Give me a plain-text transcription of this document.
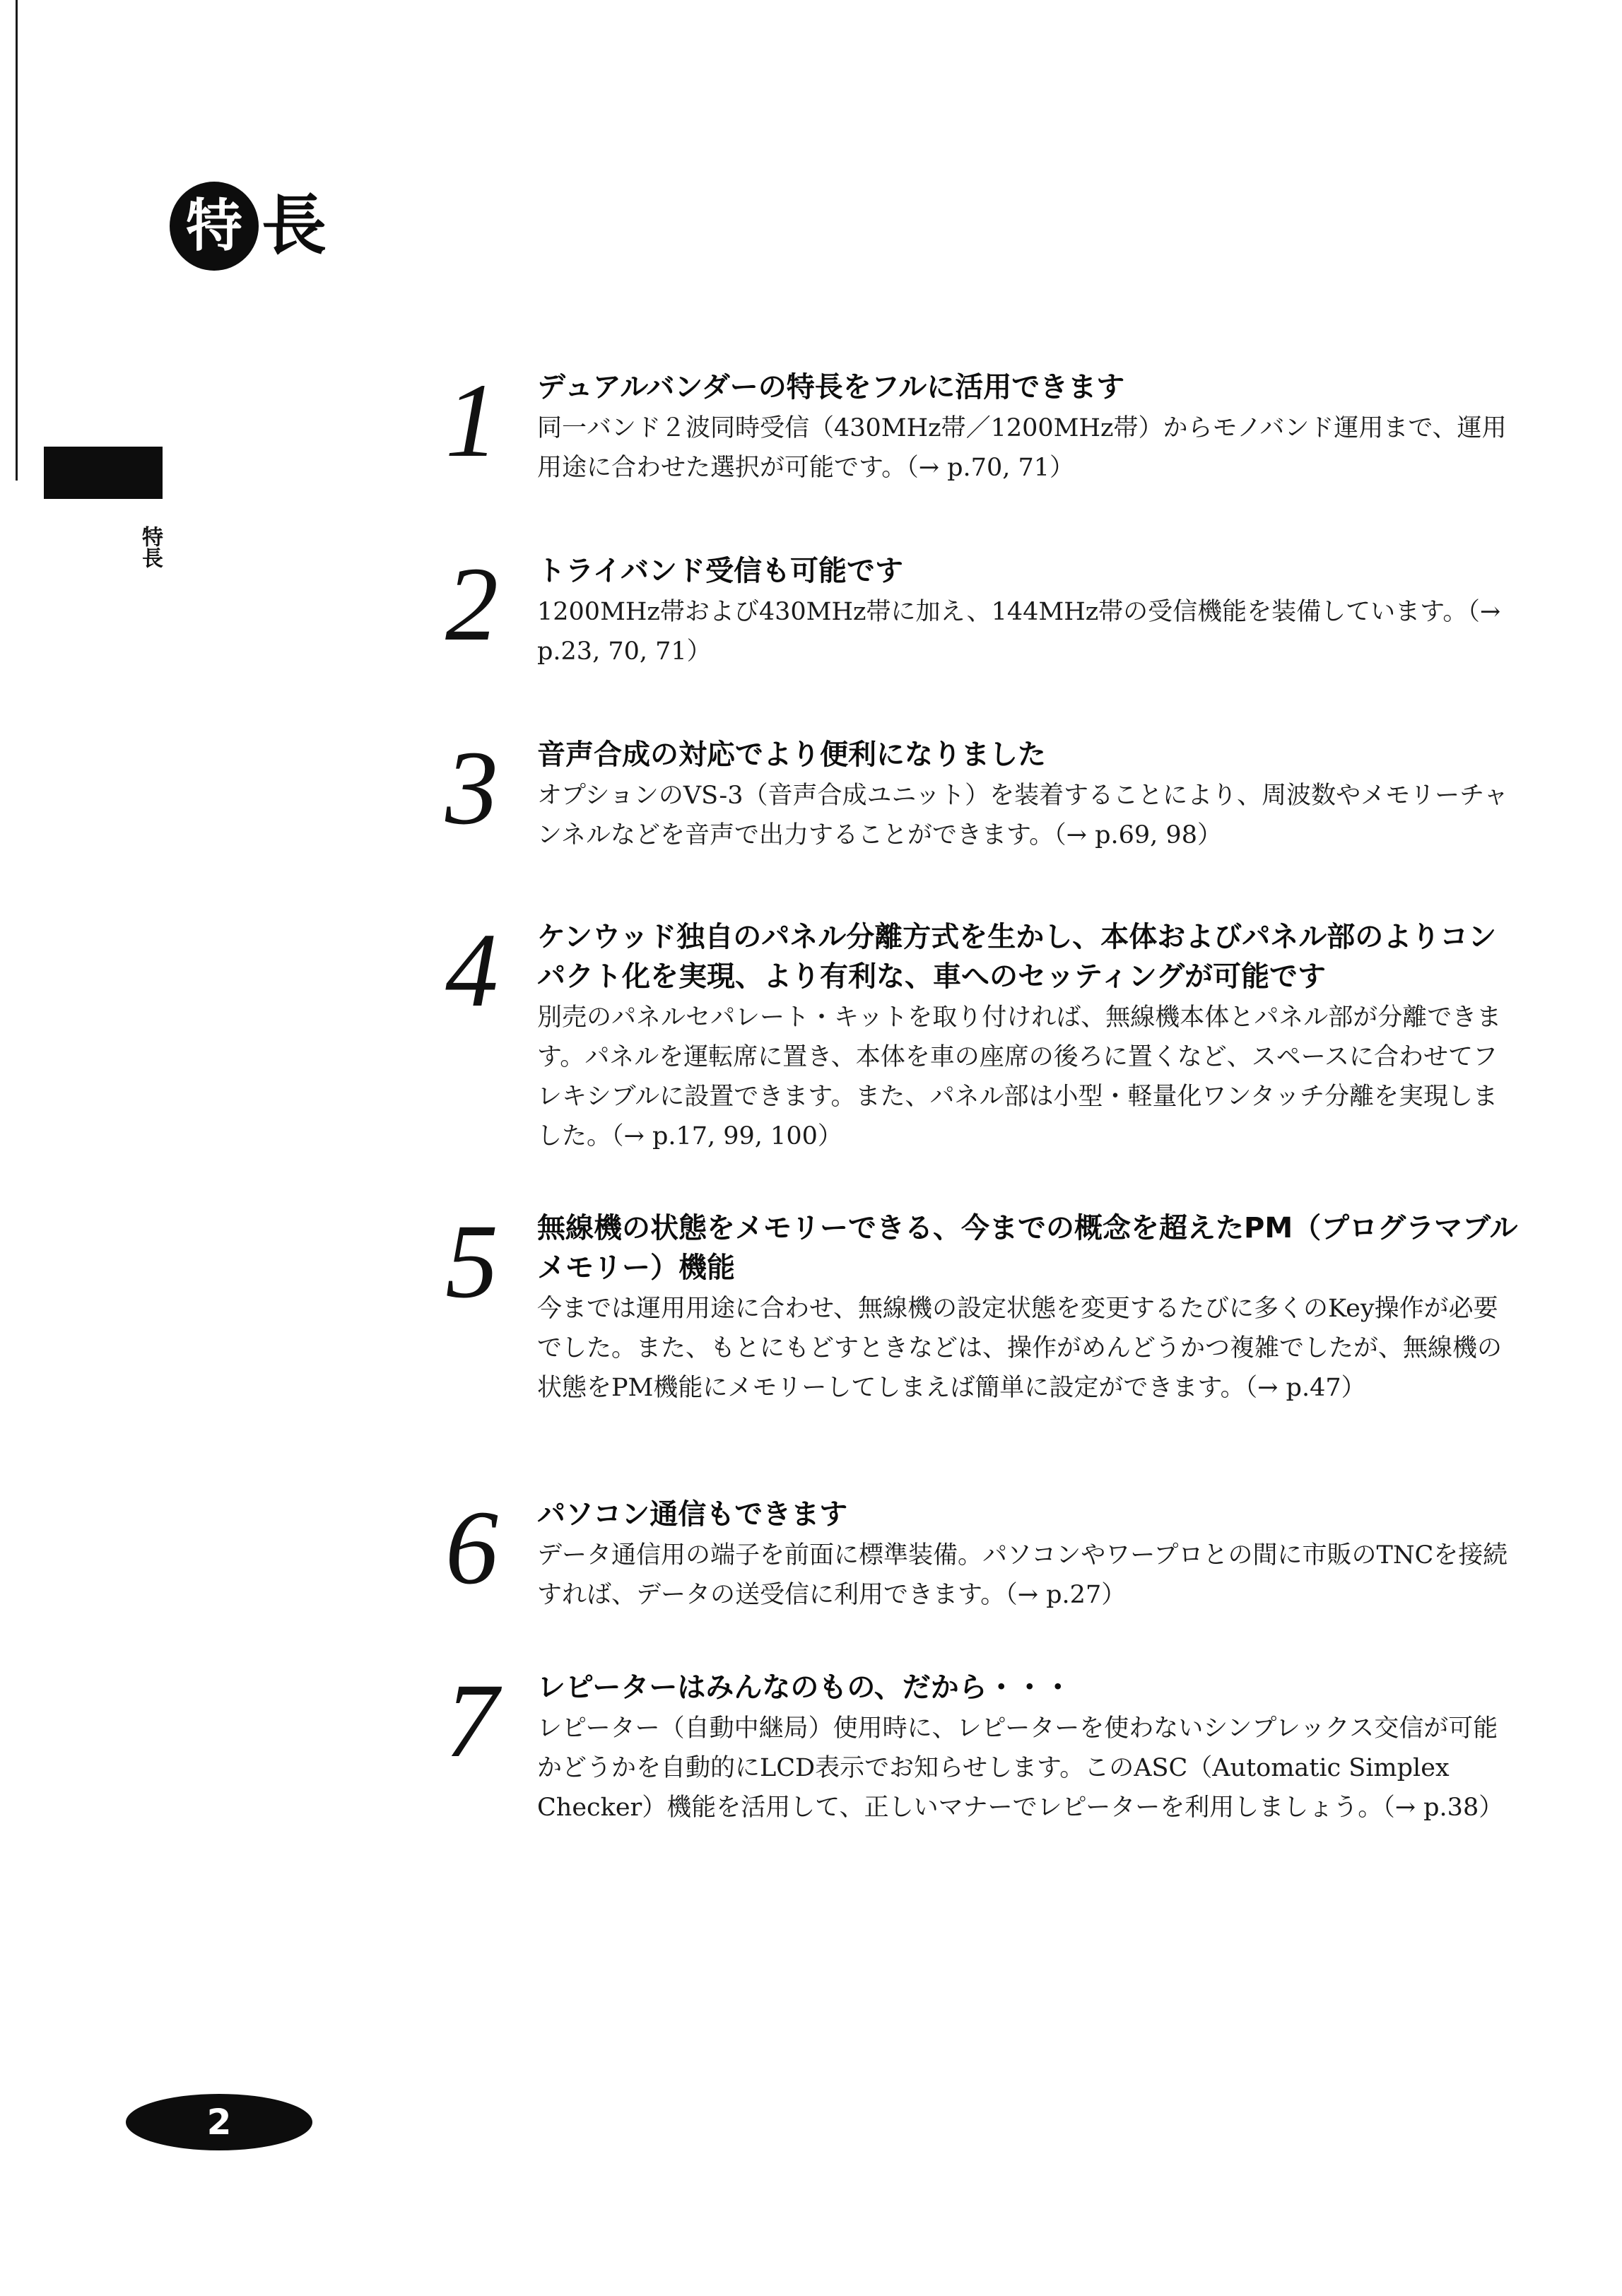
特長
特 長
1	デュアルバンダーの特長をフルに活用できます

同一バンド２波同時受信（430MHz帯／1200MHz帯）からモノバンド運用まで、運用用途に合わせた選択が可能です。（→ p.70, 71）

2	トライバンド受信も可能です

1200MHz帯および430MHz帯に加え、144MHz帯の受信機能を装備しています。（→ p.23, 70, 71）

3	音声合成の対応でより便利になりました

オプションのVS-3（音声合成ユニット）を装着することにより、周波数やメモリーチャンネルなどを音声で出力することができます。（→ p.69, 98）

4	ケンウッド独自のパネル分離方式を生かし、本体およびパネル部のよりコンパクト化を実現、より有利な、車へのセッティングが可能です

別売のパネルセパレート・キットを取り付ければ、無線機本体とパネル部が分離できます。パネルを運転席に置き、本体を車の座席の後ろに置くなど、スペースに合わせてフレキシブルに設置できます。また、パネル部は小型・軽量化ワンタッチ分離を実現しました。（→ p.17, 99, 100）

5	無線機の状態をメモリーできる、今までの概念を超えたPM（プログラマブルメモリー）機能

今までは運用用途に合わせ、無線機の設定状態を変更するたびに多くのKey操作が必要でした。また、もとにもどすときなどは、操作がめんどうかつ複雑でしたが、無線機の状態をPM機能にメモリーしてしまえば簡単に設定ができます。（→ p.47）

6	パソコン通信もできます

データ通信用の端子を前面に標準装備。パソコンやワープロとの間に市販のTNCを接続すれば、データの送受信に利用できます。（→ p.27）

7	レピーターはみんなのもの、だから・・・

レピーター（自動中継局）使用時に、レピーターを使わないシンプレックス交信が可能かどうかを自動的にLCD表示でお知らせします。このASC（Automatic Simplex Checker）機能を活用して、正しいマナーでレピーターを利用しましょう。（→ p.38）

2
